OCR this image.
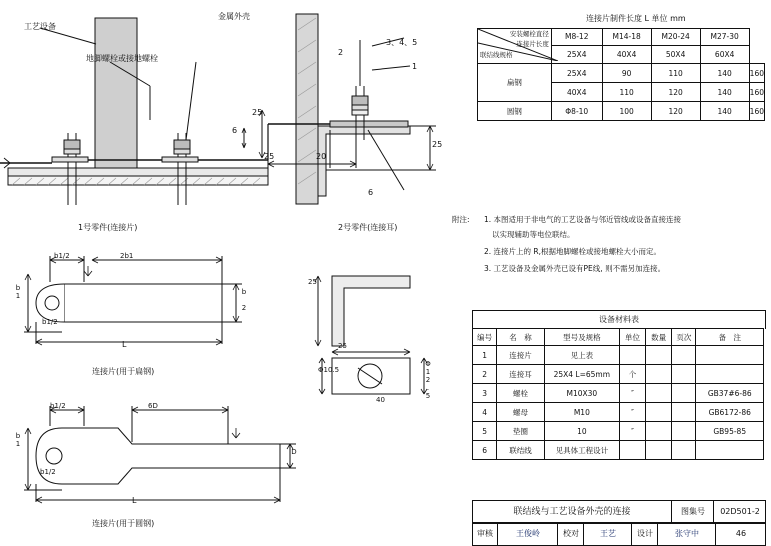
工艺设备
金属外壳
地脚螺栓或接地螺栓
2
3、4、5
1
6
6
25
25	20
25
1号零件(连接片)	2号零件(连接耳)
b1/2	2b1
b1
b1/2
b 2
L
连接片(用于扁钢)
25
25
Φ10.5	Φ12.5
40
b1/2	6D
b1
b1/2
D
L
连接片(用于圆钢)
连接片制件长度 L 单位 mm
安装螺栓直径
连接片长度
联结线规格	M8-12	M14-18	M20-24	M27-30	
	25X4	40X4	50X4	60X4	
扁钢	25X4	90	110	140	160
	40X4	110	120	140	160
圆钢	Φ8-10	100	120	140	160
附注: 1. 本图适用于非电气的工艺设备与邻近管线或设备直接连接
以实现辅助等电位联结。
2. 连接片上的 R,根据地脚螺栓或接地螺栓大小而定。
3. 工艺设备及金属外壳已设有PE线, 则不需另加连接。
设备材料表
编号	名　称	型号及规格	单位	数量	页次	备　注
1	连接片	见上表				
2	连接耳	25X4 L=65mm	个			
3	螺栓	M10X30	″			GB37#6-86
4	螺母	M10	″			GB6172-86
5	垫圈	10	″			GB95-85
6	联结线	见具体工程设计				
联结线与工艺设备外壳的连接	图集号	02D501-2
审核	王俊岭	校对	王艺	设计	张守中	46
